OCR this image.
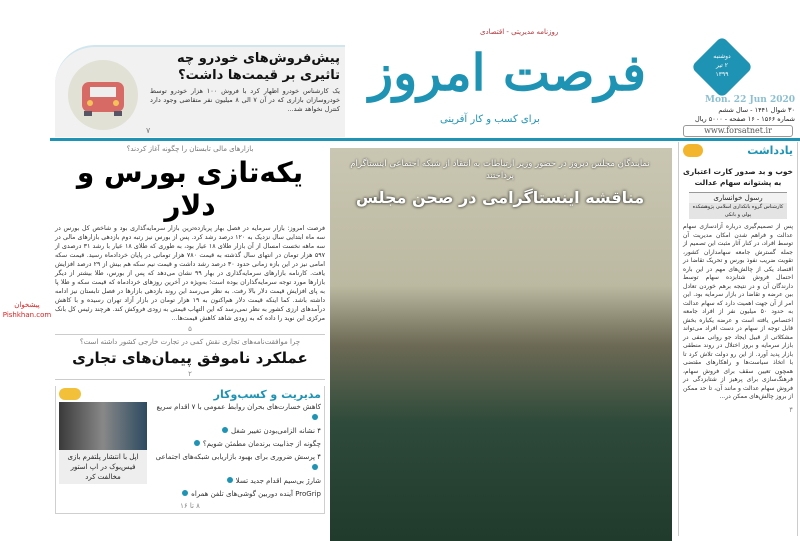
پیش‌فروش‌های خودرو چه تاثیری بر قیمت‌ها داشت؟
یک کارشناس خودرو اظهار کرد با فروش ۱۰۰ هزار خودرو توسط خودروسازان بازاری که در آن ۷ الی ۸ میلیون نفر متقاضی وجود دارد کنترل نخواهد شد...
۷
روزنامه مدیریتی - اقتصادی
فرصت امروز
برای کسب و کار آفرینی
دوشنبه
۲ تیر
۱۳۹۹
Mon. 22 Jun 2020
۳۰ شوال ۱۴۴۱ - سال ششم
شماره ۱۵۶۶ - ۱۶ صفحه - ۵۰۰۰ ریال
www.forsatnet.ir
پیشخوان Pishkhan.com
بازارهای مالی تابستان را چگونه آغاز کردند؟
یکه‌تازی بورس و دلار
فرصت امروز: بازار سرمایه در فصل بهار پربازده‌ترین بازار سرمایه‌گذاری بود و شاخص کل بورس در سه ماه ابتدایی سال نزدیک به ۱۲۰ درصد رشد کرد. پس از بورس نیز رتبه دوم بازدهی بازارهای مالی در سه ماهه نخست امسال از آن بازار طلای ۱۸ عیار بود، به طوری که طلای ۱۸ عیار با رشد ۳۱ درصدی از ۵۹۷ هزار تومان در انتهای سال گذشته به قیمت ۷۸۰ هزار تومانی در پایان خردادماه رسید. قیمت سکه امامی نیز در این بازه زمانی حدود ۳۰ درصد رشد داشت و قیمت نیم سکه هم بیش از ۲۹ درصد افزایش یافت. کارنامه بازارهای سرمایه‌گذاری در بهار ۹۹ نشان می‌دهد که پس از بورس، طلا بیشتر از دیگر بازارها مورد توجه سرمایه‌گذاران بوده است؛ به‌ویژه در آخرین روزهای خردادماه که قیمت سکه و طلا پا به پای افزایش قیمت دلار بالا رفت. به نظر می‌رسد این روند بازدهی بازارها در فصل تابستان نیز ادامه داشته باشد. کما اینکه قیمت دلار هم‌اکنون به ۱۹ هزار تومان در بازار آزاد تهران رسیده و با کاهش درآمدهای ارزی کشور به نظر نمی‌رسد که این التهاب قیمتی به زودی فروکش کند. هرچند رئیس کل بانک مرکزی این نوید را داده که به زودی شاهد کاهش قیمت‌ها...
۵
چرا موافقت‌نامه‌های تجاری نقش کمی در تجارت خارجی کشور داشته است؟
عملکرد ناموفق پیمان‌های تجاری
۲
مدیریت و کسب‌و‌کار
کاهش خسارت‌های بحران روابط عمومی با ۷ اقدام سریع
۴ نشانه الزامی‌بودن تغییر شغل
چگونه از جذابیت برندمان مطمئن شویم؟
۴ پرسش ضروری برای بهبود بازاریابی شبکه‌های اجتماعی
شارژ بی‌سیم اقدام جدید تسلا
ProGrip آینده دوربین گوشی‌های تلفن همراه
اپل با انتشار پلتفرم بازی فیس‌بوک در اپ استور مخالفت کرد
۸ تا ۱۶
نمایندگان مجلس دیروز در حضور وزیر ارتباطات به انتقاد از شبکه اجتماعی اینستاگرام پرداختند
مناقشه اینستاگرامی در صحن مجلس
یادداشت
خوب و بد صدور کارت اعتباری به پشتوانه سهام عدالت
رسول خوانساری
کارشناس گروه بانکداری اسلامی پژوهشکده پولی و بانکی
پس از تصمیم‌گیری درباره آزادسازی سهام عدالت و فراهم شدن امکان مدیریت آن توسط افراد، در کنار آثار مثبت این تصمیم از جمله گسترش جامعه سهامداران کشور، تقویت ضریب نفوذ بورس و تحریک تقاضا در اقتصاد یکی از چالش‌های مهم در این باره احتمال فروش شتابزده سهام توسط دارندگان آن و در نتیجه برهم خوردن تعادل بین عرضه و تقاضا در بازار سرمایه بود. این امر از آن جهت اهمیت دارد که سهام عدالت به حدود ۵۰ میلیون نفر از افراد جامعه اختصاص یافته است و عرضه یکباره بخش قابل توجه از سهام در دست افراد می‌تواند مشکلاتی از قبیل ایجاد جو روانی منفی در بازار سرمایه و بروز اختلال در روند منطقی بازار پدید آورد. از این رو دولت تلاش کرد تا با اتخاذ سیاست‌ها و راهکارهای مقتضی همچون تعیین سقف برای فروش سهام، فرهنگ‌سازی برای پرهیز از شتابزدگی در فروش سهام عدالت و مانند آن، تا حد ممکن از بروز چالش‌های ممکن در...
۴
